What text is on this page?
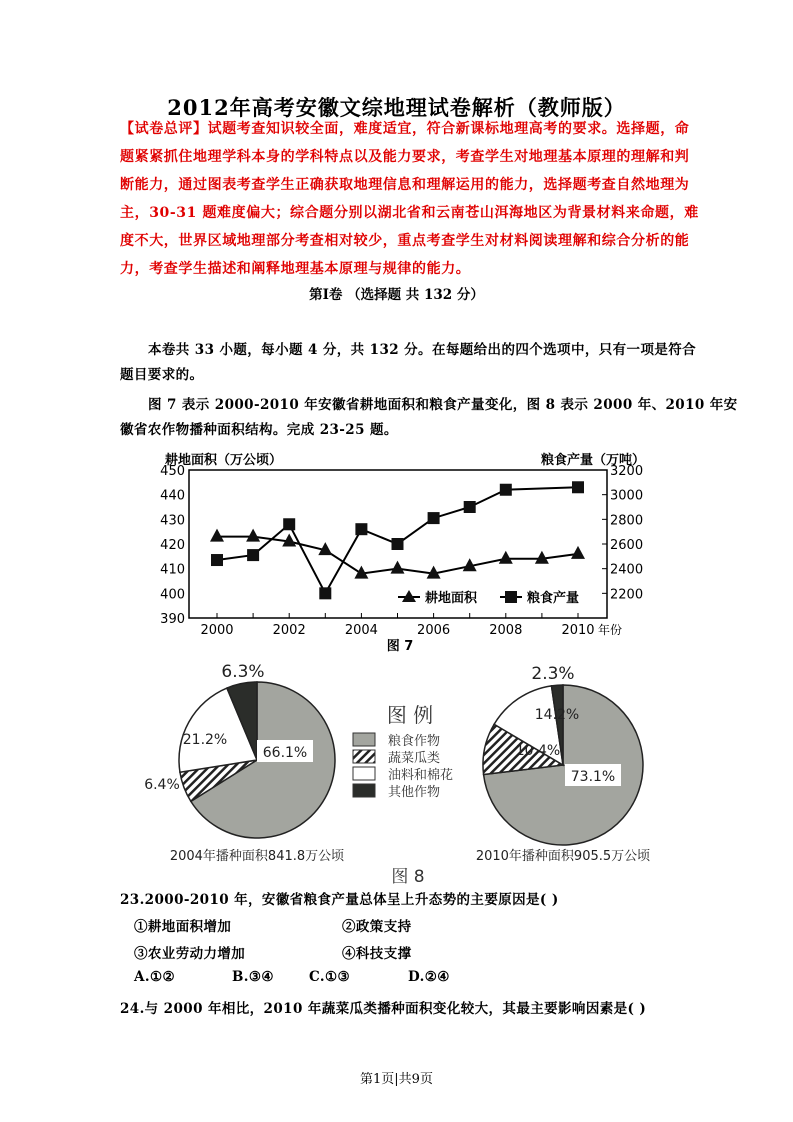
2012年高考安徽文综地理试卷解析（教师版）
【试卷总评】试题考查知识较全面，难度适宜，符合新课标地理高考的要求。选择题，命
题紧紧抓住地理学科本身的学科特点以及能力要求，考查学生对地理基本原理的理解和判
断能力，通过图表考查学生正确获取地理信息和理解运用的能力，选择题考查自然地理为
主，30-31 题难度偏大；综合题分别以湖北省和云南苍山洱海地区为背景材料来命题，难
度不大，世界区域地理部分考查相对较少，重点考查学生对材料阅读理解和综合分析的能
力，考查学生描述和阐释地理基本原理与规律的能力。
第Ⅰ卷 （选择题 共 132 分）
本卷共 33 小题，每小题 4 分，共 132 分。在每题给出的四个选项中，只有一项是符合
题目要求的。
图 7 表示 2000-2010 年安徽省耕地面积和粮食产量变化，图 8 表示 2000 年、2010 年安
徽省农作物播种面积结构。完成 23-25 题。
耕地面积（万公顷）	粮食产量（万吨）
390
400
410
420
430
440
450
2200
2400
2600
2800
3000
3200
2000	2002	2004	2006	2008	2010 年份
图 7
耕地面积	粮食产量
66.1%
6.4%
21.2%
6.3%
2004年播种面积841.8万公顷
73.1%
10.4%
14.2%
2.3%
2010年播种面积905.5万公顷
图 例
粮食作物
蔬菜瓜类
油料和棉花
其他作物
图 8
23.2000-2010 年，安徽省粮食产量总体呈上升态势的主要原因是( )
①耕地面积增加	②政策支持
③农业劳动力增加	④科技支撑
A.①②	B.③④	C.①③	D.②④
24.与 2000 年相比，2010 年蔬菜瓜类播种面积变化较大，其最主要影响因素是( )
第1页|共9页
